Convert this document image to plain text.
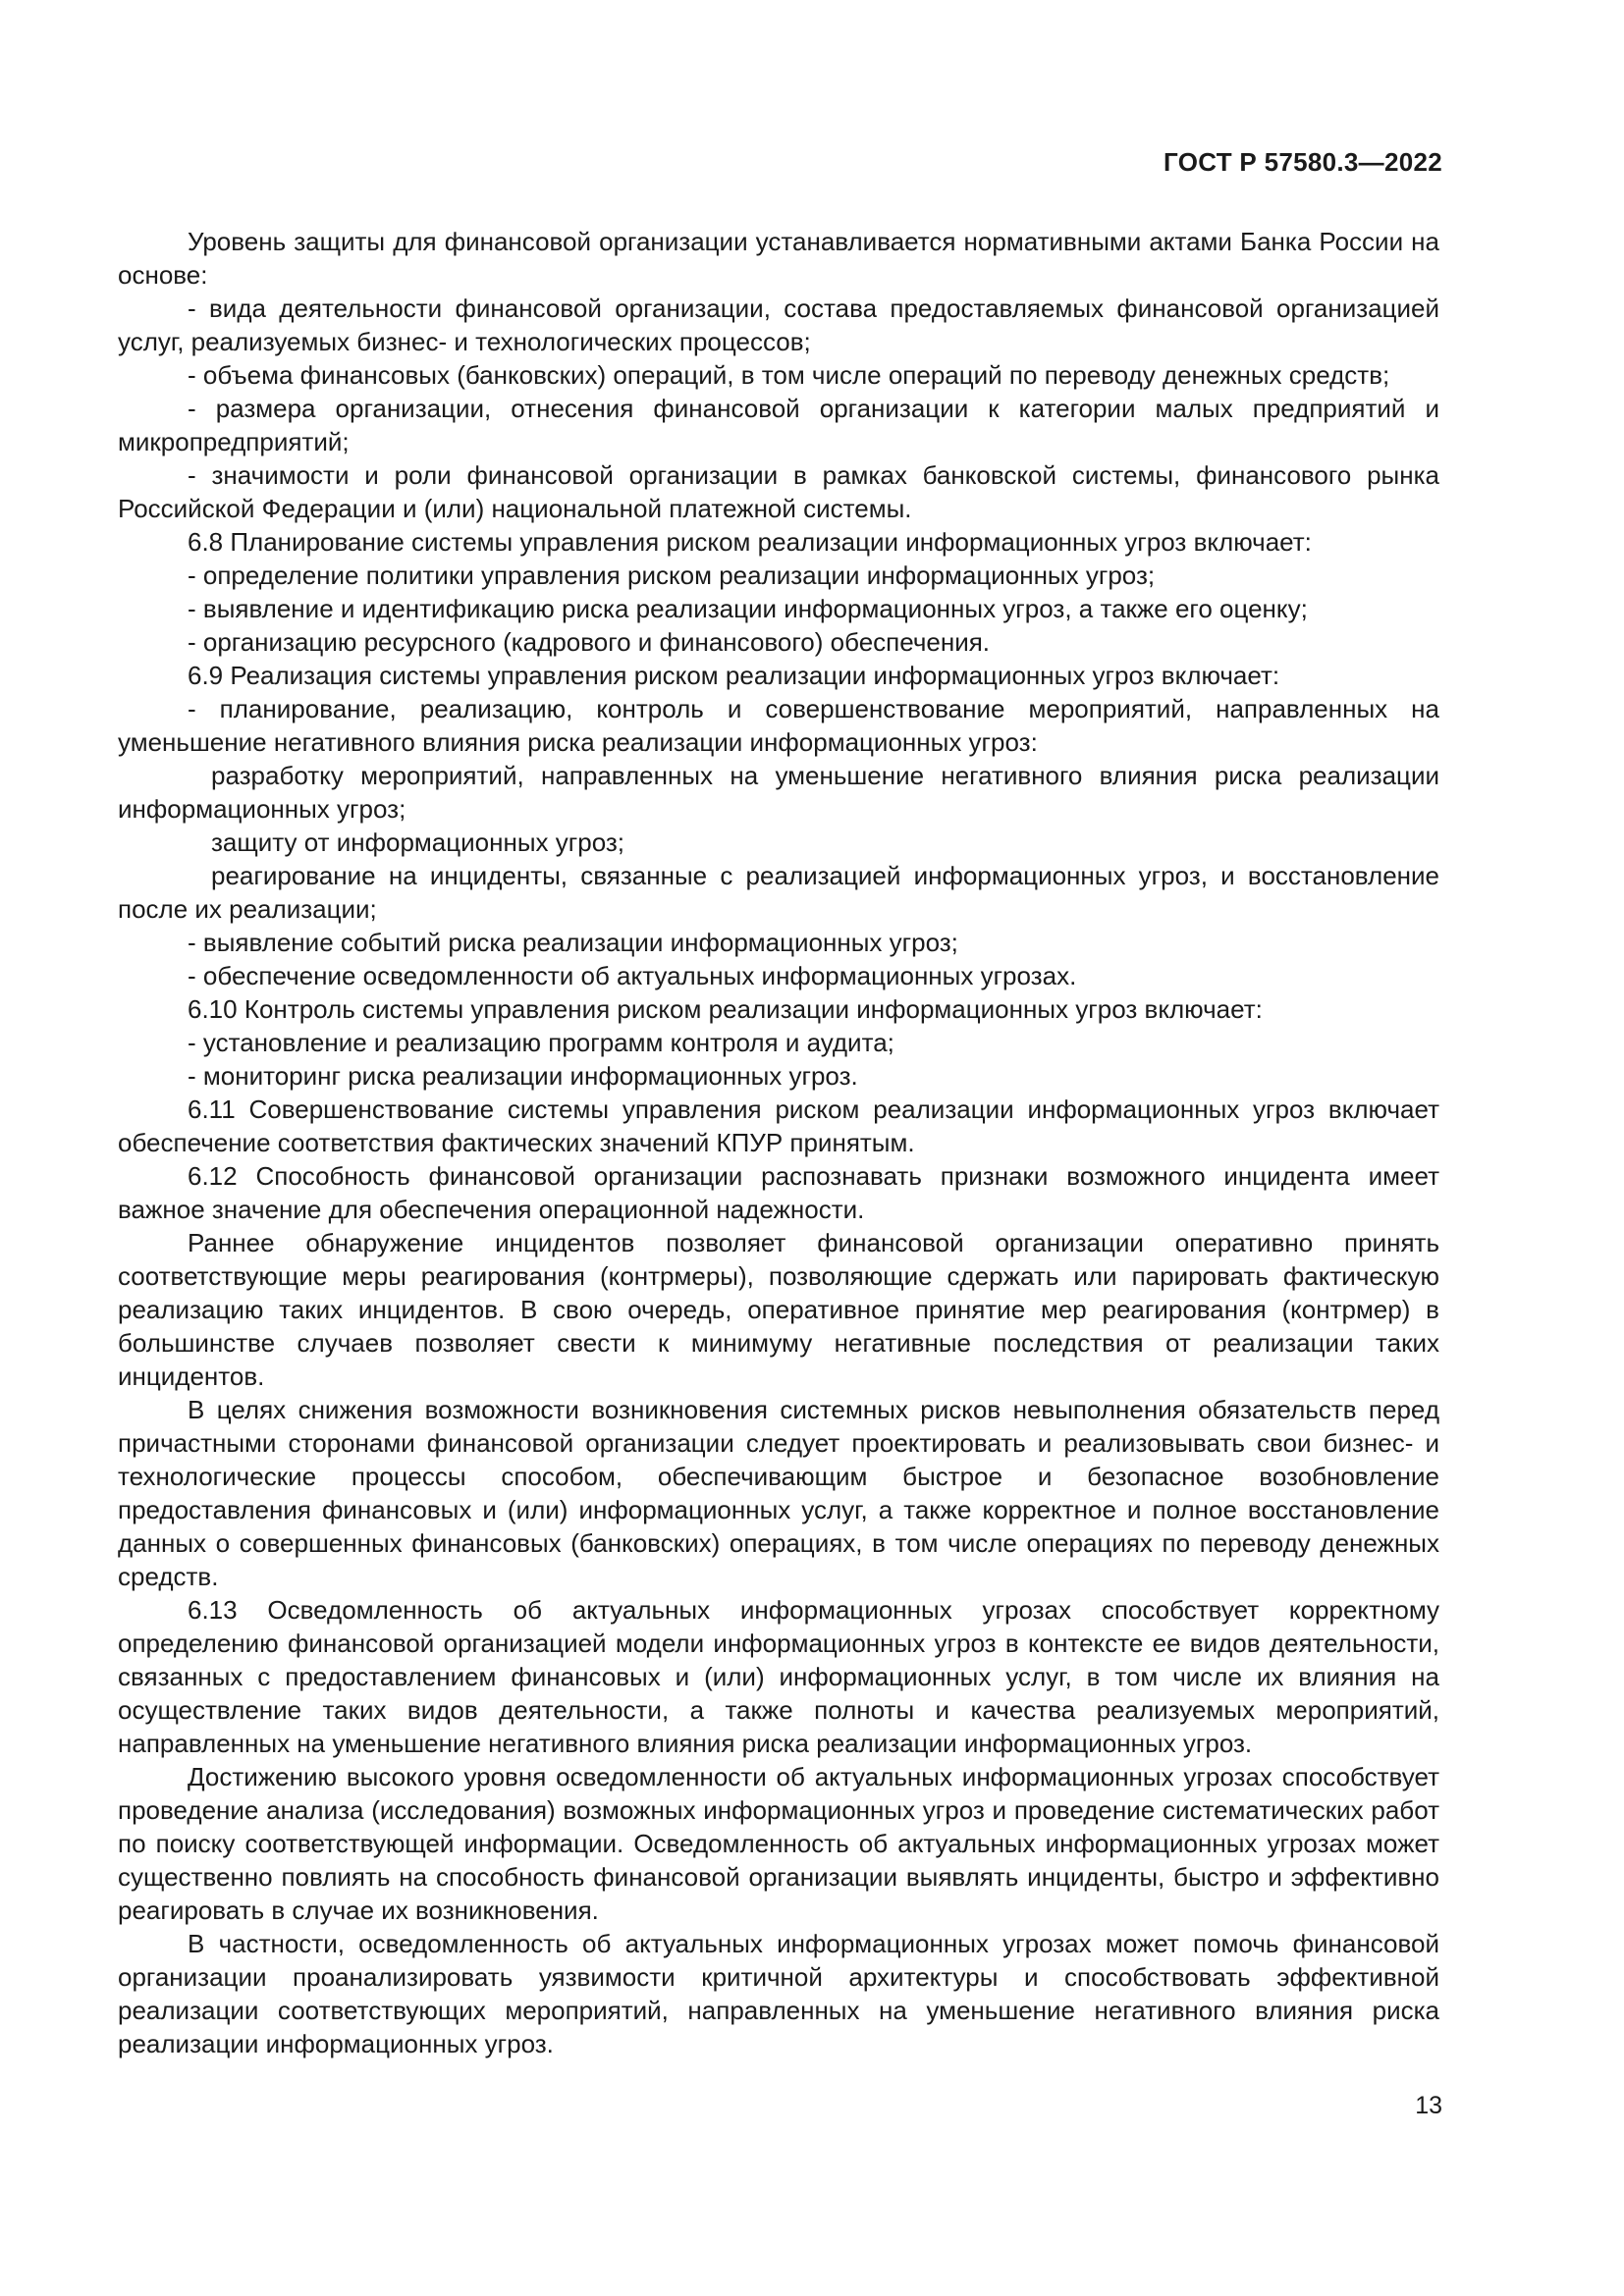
ГОСТ Р 57580.3—2022

Уровень защиты для финансовой организации устанавливается нормативными актами Банка России на основе:

- вида деятельности финансовой организации, состава предоставляемых финансовой организацией услуг, реализуемых бизнес- и технологических процессов;

- объема финансовых (банковских) операций, в том числе операций по переводу денежных средств;

- размера организации, отнесения финансовой организации к категории малых предприятий и микропредприятий;

- значимости и роли финансовой организации в рамках банковской системы, финансового рынка Российской Федерации и (или) национальной платежной системы.

6.8 Планирование системы управления риском реализации информационных угроз включает:

- определение политики управления риском реализации информационных угроз;

- выявление и идентификацию риска реализации информационных угроз, а также его оценку;

- организацию ресурсного (кадрового и финансового) обеспечения.

6.9 Реализация системы управления риском реализации информационных угроз включает:

- планирование, реализацию, контроль и совершенствование мероприятий, направленных на уменьшение негативного влияния риска реализации информационных угроз:

разработку мероприятий, направленных на уменьшение негативного влияния риска реализации информационных угроз;

защиту от информационных угроз;

реагирование на инциденты, связанные с реализацией информационных угроз, и восстановление после их реализации;

- выявление событий риска реализации информационных угроз;

- обеспечение осведомленности об актуальных информационных угрозах.

6.10 Контроль системы управления риском реализации информационных угроз включает:

- установление и реализацию программ контроля и аудита;

- мониторинг риска реализации информационных угроз.

6.11 Совершенствование системы управления риском реализации информационных угроз включает обеспечение соответствия фактических значений КПУР принятым.

6.12 Способность финансовой организации распознавать признаки возможного инцидента имеет важное значение для обеспечения операционной надежности.

Раннее обнаружение инцидентов позволяет финансовой организации оперативно принять соответствующие меры реагирования (контрмеры), позволяющие сдержать или парировать фактическую реализацию таких инцидентов. В свою очередь, оперативное принятие мер реагирования (контрмер) в большинстве случаев позволяет свести к минимуму негативные последствия от реализации таких инцидентов.

В целях снижения возможности возникновения системных рисков невыполнения обязательств перед причастными сторонами финансовой организации следует проектировать и реализовывать свои бизнес- и технологические процессы способом, обеспечивающим быстрое и безопасное возобновление предоставления финансовых и (или) информационных услуг, а также корректное и полное восстановление данных о совершенных финансовых (банковских) операциях, в том числе операциях по переводу денежных средств.

6.13 Осведомленность об актуальных информационных угрозах способствует корректному определению финансовой организацией модели информационных угроз в контексте ее видов деятельности, связанных с предоставлением финансовых и (или) информационных услуг, в том числе их влияния на осуществление таких видов деятельности, а также полноты и качества реализуемых мероприятий, направленных на уменьшение негативного влияния риска реализации информационных угроз.

Достижению высокого уровня осведомленности об актуальных информационных угрозах способствует проведение анализа (исследования) возможных информационных угроз и проведение систематических работ по поиску соответствующей информации. Осведомленность об актуальных информационных угрозах может существенно повлиять на способность финансовой организации выявлять инциденты, быстро и эффективно реагировать в случае их возникновения.

В частности, осведомленность об актуальных информационных угрозах может помочь финансовой организации проанализировать уязвимости критичной архитектуры и способствовать эффективной реализации соответствующих мероприятий, направленных на уменьшение негативного влияния риска реализации информационных угроз.

13
